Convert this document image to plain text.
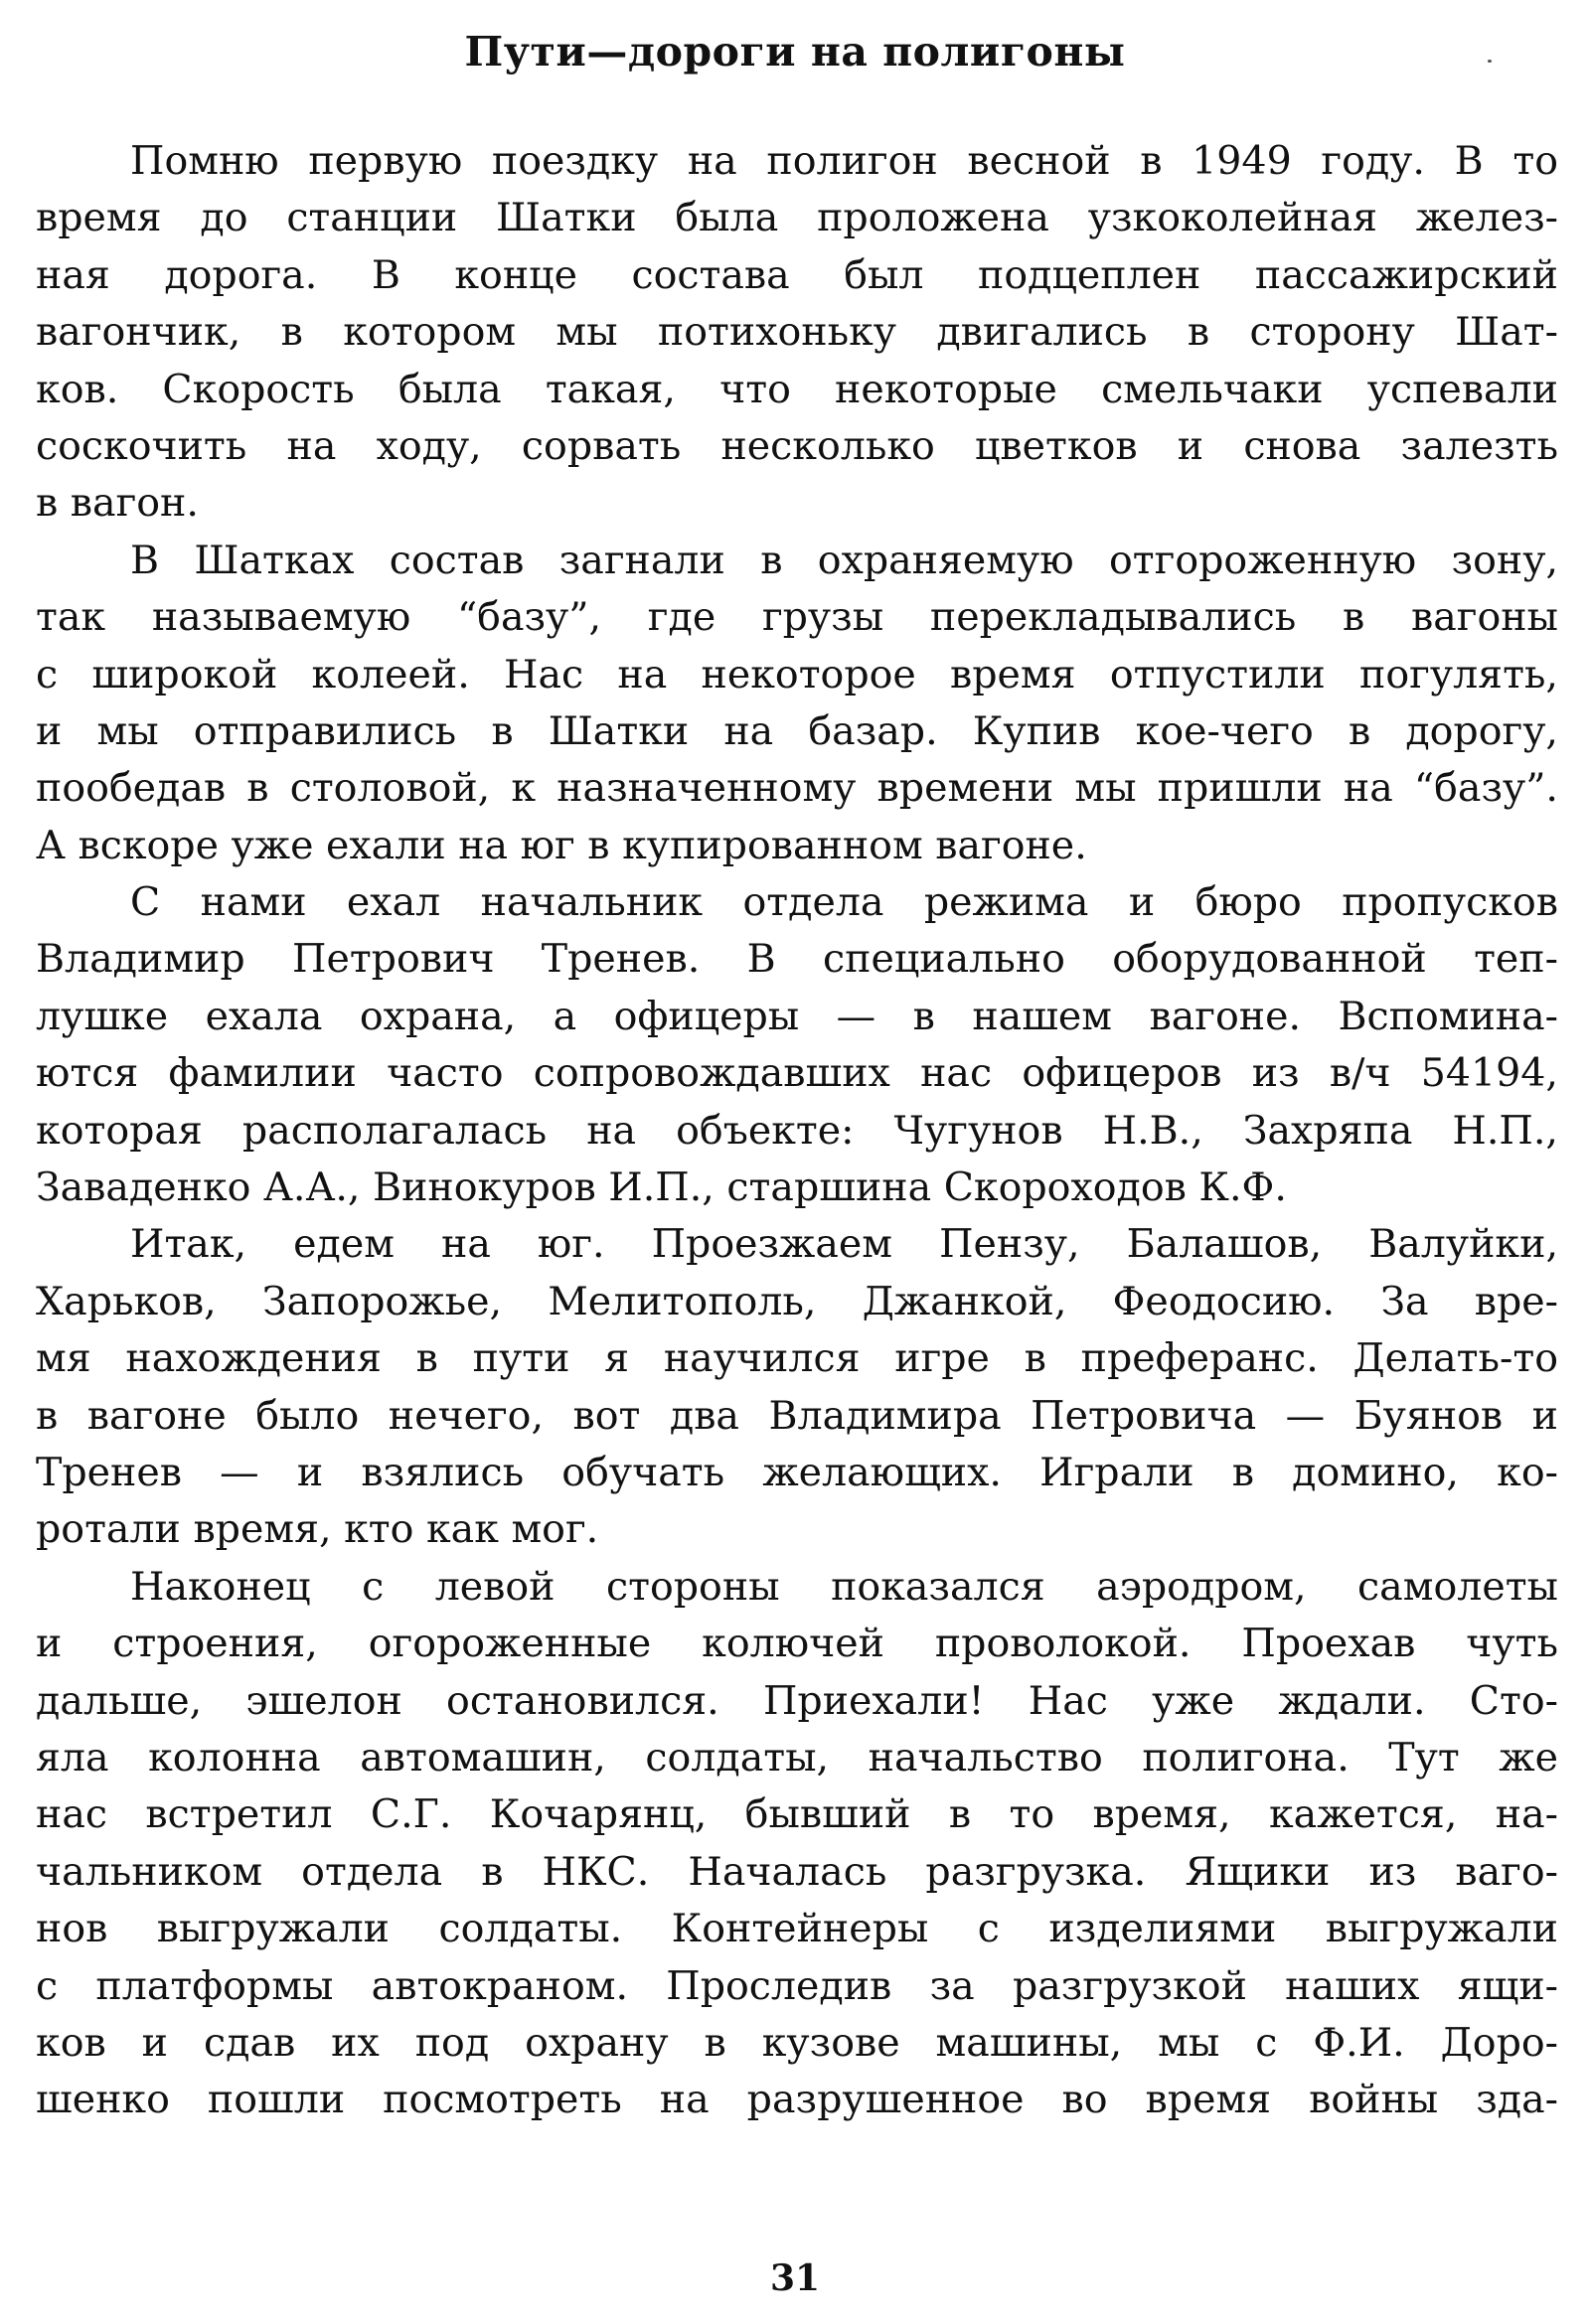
Пути—дороги на полигоны
Помню первую поездку на полигон весной в 1949 году. В то
время до станции Шатки была проложена узкоколейная желез-
ная дорога. В конце состава был подцеплен пассажирский
вагончик, в котором мы потихоньку двигались в сторону Шат-
ков. Скорость была такая, что некоторые смельчаки успевали
соскочить на ходу, сорвать несколько цветков и снова залезть
в вагон.
В Шатках состав загнали в охраняемую отгороженную зону,
так называемую “базу”, где грузы перекладывались в вагоны
с широкой колеей. Нас на некоторое время отпустили погулять,
и мы отправились в Шатки на базар. Купив кое-чего в дорогу,
пообедав в столовой, к назначенному времени мы пришли на “базу”.
А вскоре уже ехали на юг в купированном вагоне.
С нами ехал начальник отдела режима и бюро пропусков
Владимир Петрович Тренев. В специально оборудованной теп-
лушке ехала охрана, а офицеры — в нашем вагоне. Вспомина-
ются фамилии часто сопровождавших нас офицеров из в/ч 54194,
которая располагалась на объекте: Чугунов Н.В., Захряпа Н.П.,
Заваденко А.А., Винокуров И.П., старшина Скороходов К.Ф.
Итак, едем на юг. Проезжаем Пензу, Балашов, Валуйки,
Харьков, Запорожье, Мелитополь, Джанкой, Феодосию. За вре-
мя нахождения в пути я научился игре в преферанс. Делать-то
в вагоне было нечего, вот два Владимира Петровича — Буянов и
Тренев — и взялись обучать желающих. Играли в домино, ко-
ротали время, кто как мог.
Наконец с левой стороны показался аэродром, самолеты
и строения, огороженные колючей проволокой. Проехав чуть
дальше, эшелон остановился. Приехали! Нас уже ждали. Сто-
яла колонна автомашин, солдаты, начальство полигона. Тут же
нас встретил С.Г. Кочарянц, бывший в то время, кажется, на-
чальником отдела в НКС. Началась разгрузка. Ящики из ваго-
нов выгружали солдаты. Контейнеры с изделиями выгружали
с платформы автокраном. Проследив за разгрузкой наших ящи-
ков и сдав их под охрану в кузове машины, мы с Ф.И. Доро-
шенко пошли посмотреть на разрушенное во время войны зда-
31
